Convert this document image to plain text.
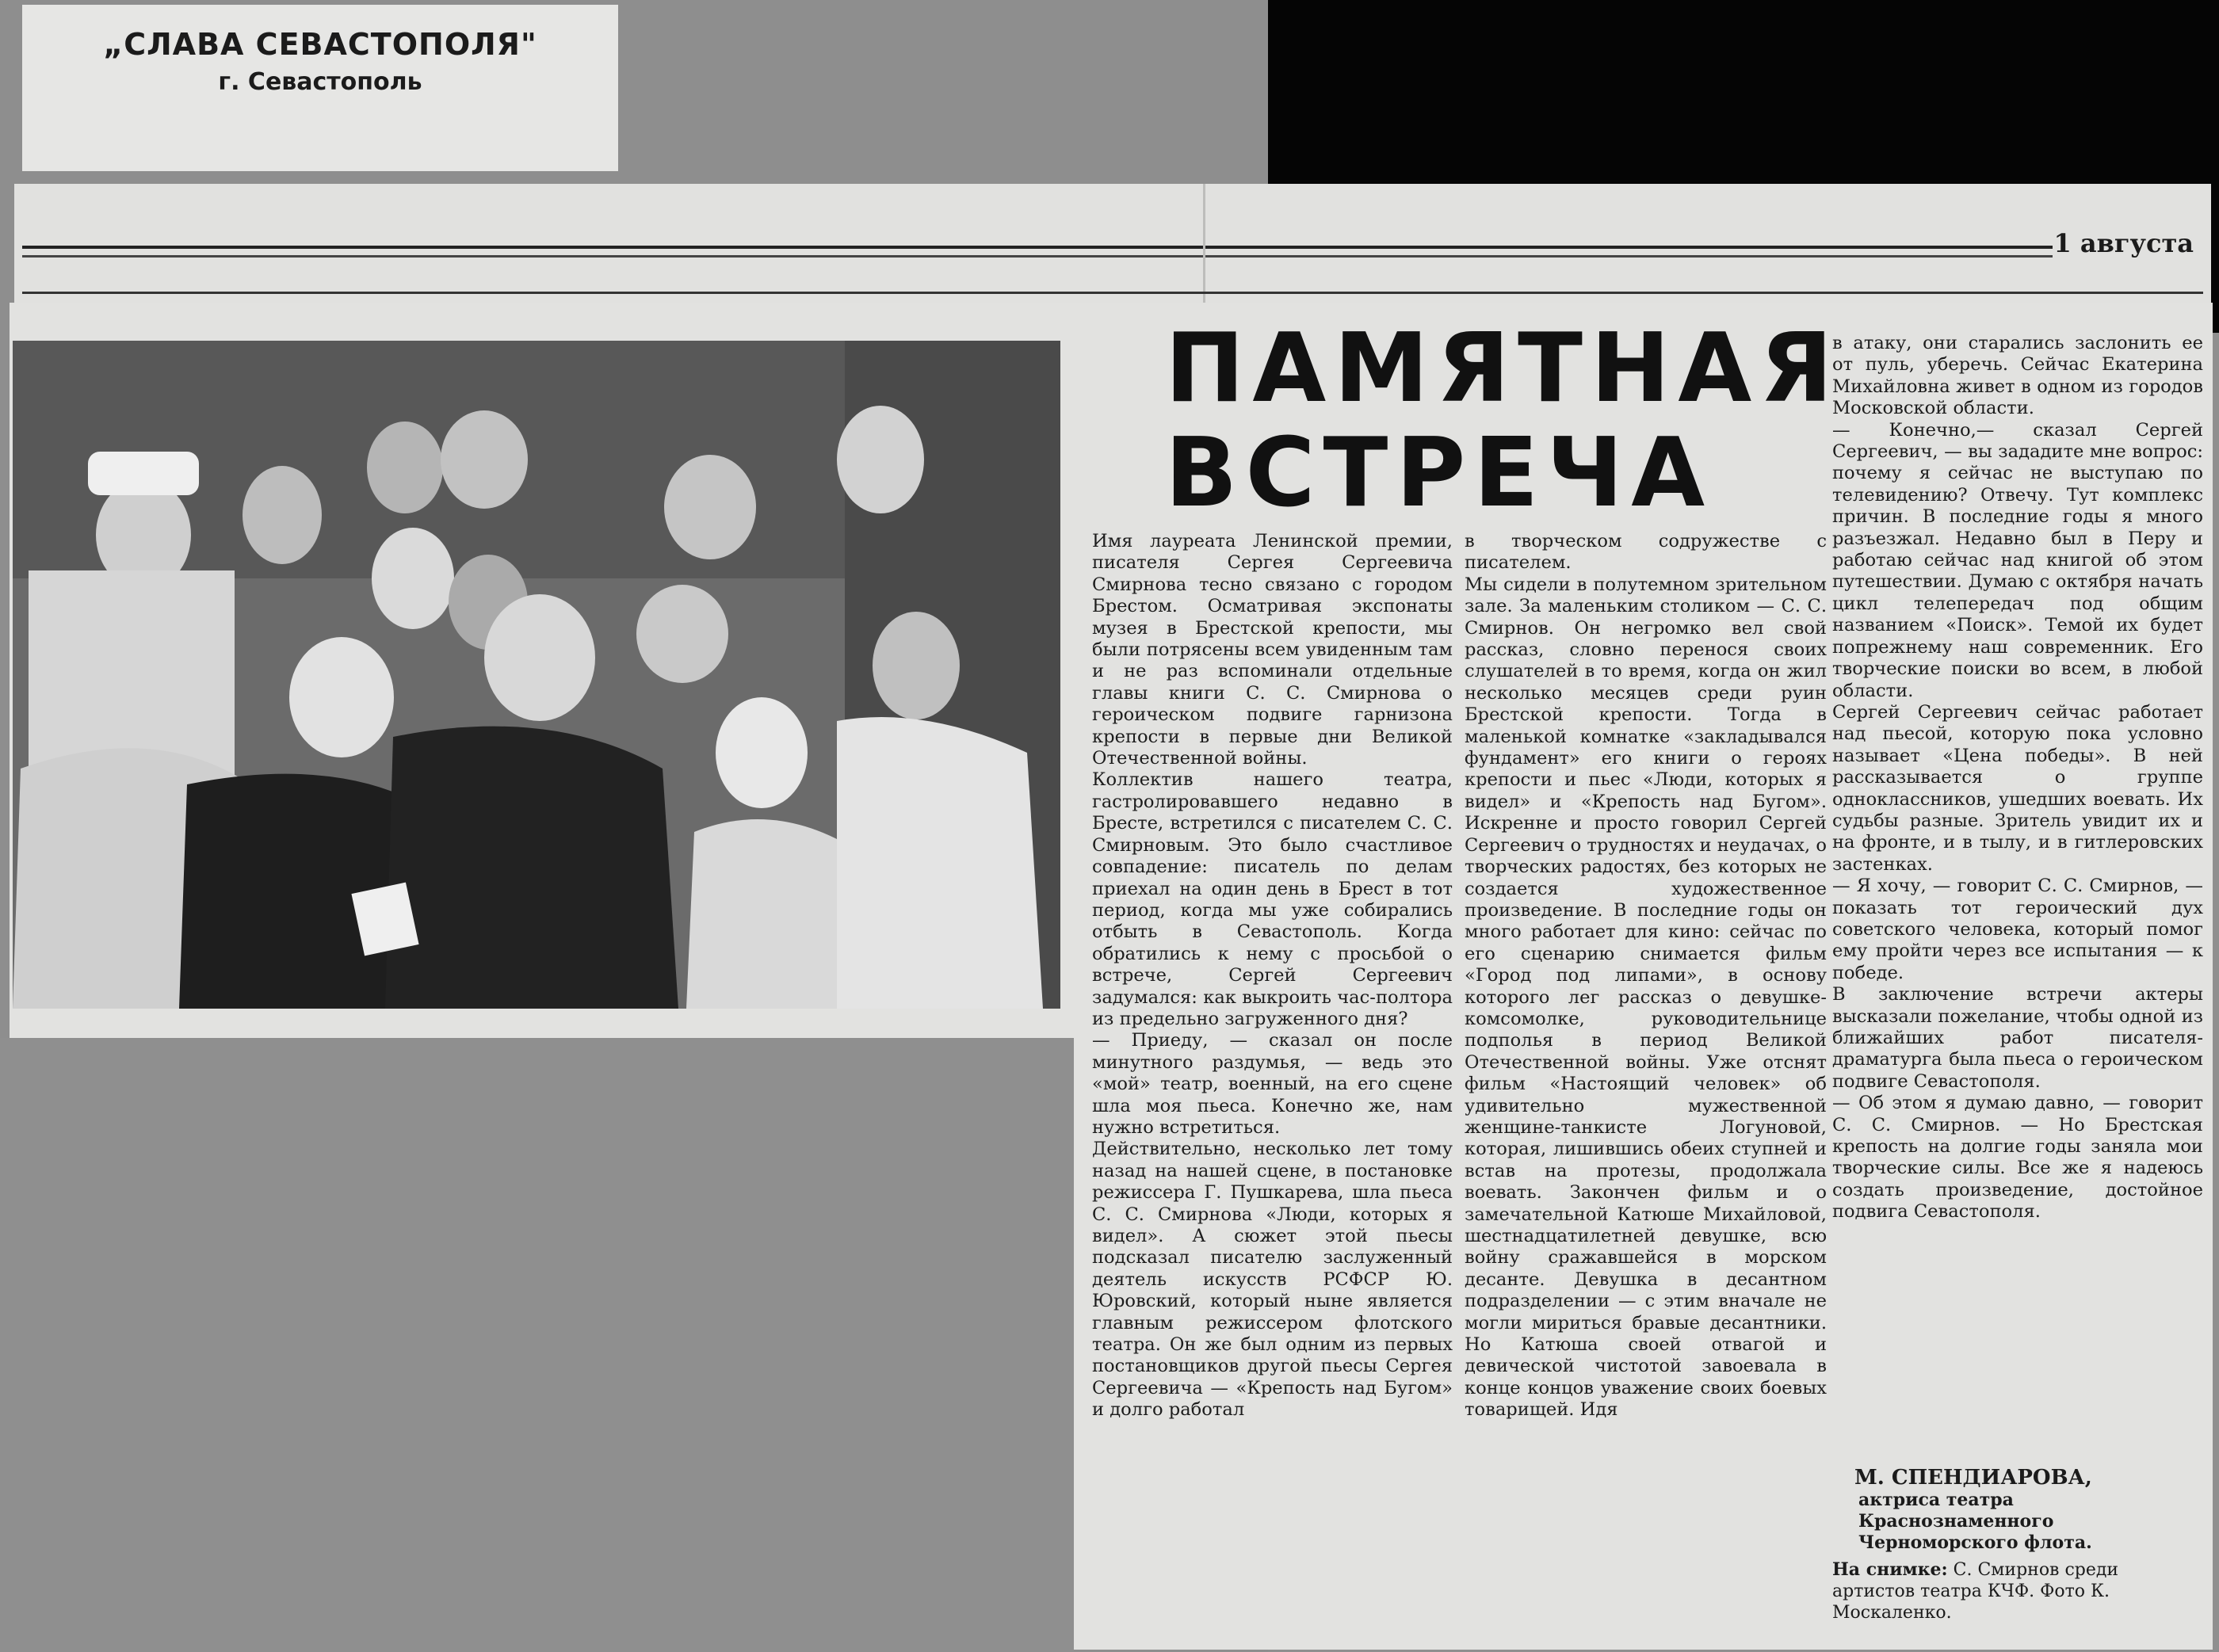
„СЛАВА СЕВАСТОПОЛЯ"
г. Севастополь
1 августа
ПАМЯТНАЯ
ВСТРЕЧА
Имя лауреата Ленинской премии, писателя Сергея Сергеевича Смирнова тесно связано с городом Брестом. Осматривая экспонаты музея в Брестской крепости, мы были потрясены всем увиденным там и не раз вспоминали отдельные главы книги С. С. Смирнова о героическом подвиге гарнизона крепости в первые дни Великой Отечественной войны.
Коллектив нашего театра, гастролировавшего недавно в Бресте, встретился с писателем С. С. Смирновым. Это было счастливое совпадение: писатель по делам приехал на один день в Брест в тот период, когда мы уже собирались отбыть в Севастополь. Когда обратились к нему с просьбой о встрече, Сергей Сергеевич задумался: как выкроить час-полтора из предельно загруженного дня?
— Приеду, — сказал он после минутного раздумья, — ведь это «мой» театр, военный, на его сцене шла моя пьеса. Конечно же, нам нужно встретиться.
Действительно, несколько лет тому назад на нашей сцене, в постановке режиссера Г. Пушкарева, шла пьеса С. С. Смирнова «Люди, которых я видел». А сюжет этой пьесы подсказал писателю заслуженный деятель искусств РСФСР Ю. Юровский, который ныне является главным режиссером флотского театра. Он же был одним из первых постановщиков другой пьесы Сергея Сергеевича — «Крепость над Бугом» и долго работал
в творческом содружестве с писателем.
Мы сидели в полутемном зрительном зале. За маленьким столиком — С. С. Смирнов. Он негромко вел свой рассказ, словно перенося своих слушателей в то время, когда он жил несколько месяцев среди руин Брестской крепости. Тогда в маленькой комнатке «закладывался фундамент» его книги о героях крепости и пьес «Люди, которых я видел» и «Крепость над Бугом». Искренне и просто говорил Сергей Сергеевич о трудностях и неудачах, о творческих радостях, без которых не создается художественное произведение. В последние годы он много работает для кино: сейчас по его сценарию снимается фильм «Город под липами», в основу которого лег рассказ о девушке-комсомолке, руководительнице подполья в период Великой Отечественной войны. Уже отснят фильм «Настоящий человек» об удивительно мужественной женщине-танкисте Логуновой, которая, лишившись обеих ступней и встав на протезы, продолжала воевать. Закончен фильм и о замечательной Катюше Михайловой, шестнадцатилетней девушке, всю войну сражавшейся в морском десанте. Девушка в десантном подразделении — с этим вначале не могли мириться бравые десантники. Но Катюша своей отвагой и девической чистотой завоевала в конце концов уважение своих боевых товарищей. Идя
в атаку, они старались заслонить ее от пуль, уберечь. Сейчас Екатерина Михайловна живет в одном из городов Московской области.
— Конечно,— сказал Сергей Сергеевич, — вы зададите мне вопрос: почему я сейчас не выступаю по телевидению? Отвечу. Тут комплекс причин. В последние годы я много разъезжал. Недавно был в Перу и работаю сейчас над книгой об этом путешествии. Думаю с октября начать цикл телепередач под общим названием «Поиск». Темой их будет попрежнему наш современник. Его творческие поиски во всем, в любой области.
Сергей Сергеевич сейчас работает над пьесой, которую пока условно называет «Цена победы». В ней рассказывается о группе одноклассников, ушедших воевать. Их судьбы разные. Зритель увидит их и на фронте, и в тылу, и в гитлеровских застенках.
— Я хочу, — говорит С. С. Смирнов, — показать тот героический дух советского человека, который помог ему пройти через все испытания — к победе.
В заключение встречи актеры высказали пожелание, чтобы одной из ближайших работ писателя-драматурга была пьеса о героическом подвиге Севастополя.
— Об этом я думаю давно, — говорит С. С. Смирнов. — Но Брестская крепость на долгие годы заняла мои творческие силы. Все же я надеюсь создать произведение, достойное подвига Севастополя.
М. СПЕНДИАРОВА,
актриса театра Краснознаменного Черноморского флота.
На снимке: С. Смирнов среди артистов театра КЧФ. Фото К. Москаленко.
